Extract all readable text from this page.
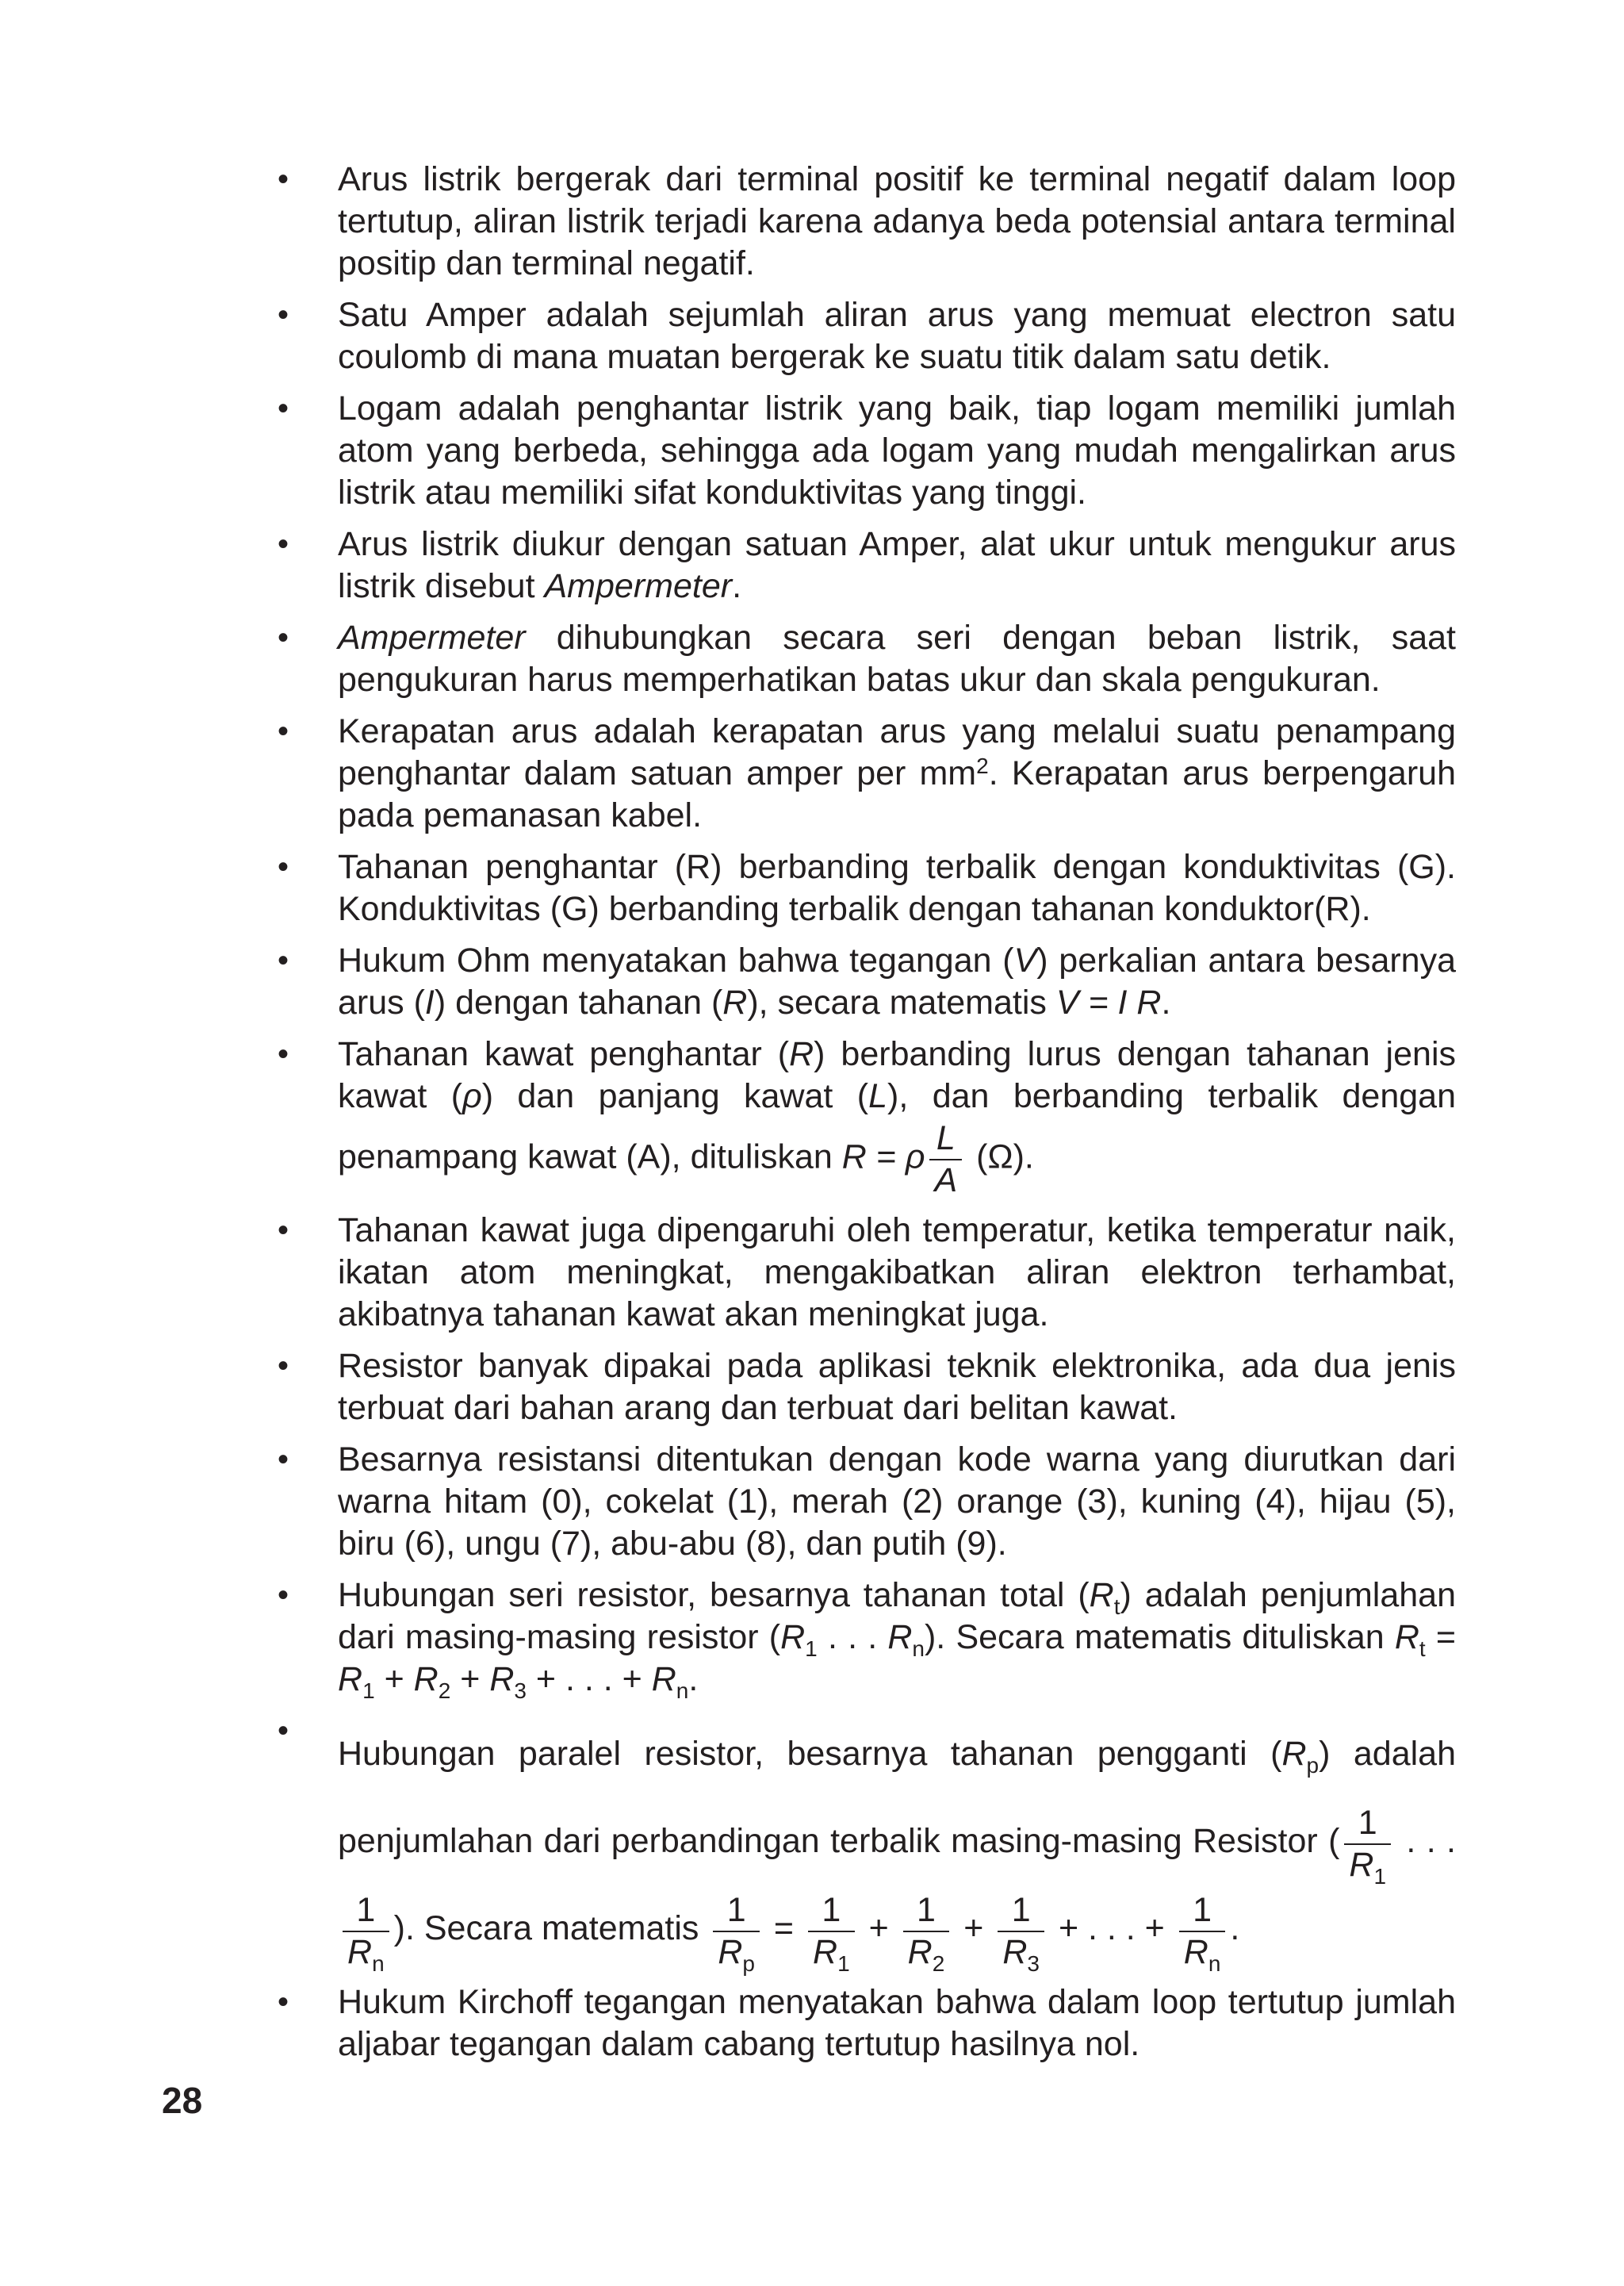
• Arus listrik bergerak dari terminal positif ke terminal negatif dalam loop tertutup, aliran listrik terjadi karena adanya beda potensial antara terminal positip dan terminal negatif.
• Satu Amper adalah sejumlah aliran arus yang memuat electron satu coulomb di mana muatan bergerak ke suatu titik dalam satu detik.
• Logam adalah penghantar listrik yang baik, tiap logam memiliki jumlah atom yang berbeda, sehingga ada logam yang mudah mengalirkan arus listrik atau memiliki sifat konduktivitas yang tinggi.
• Arus listrik diukur dengan satuan Amper, alat ukur untuk mengukur arus listrik disebut Ampermeter.
• Ampermeter dihubungkan secara seri dengan beban listrik, saat pengukuran harus memperhatikan batas ukur dan skala pengukuran.
• Kerapatan arus adalah kerapatan arus yang melalui suatu penampang penghantar dalam satuan amper per $mm^2$. Kerapatan arus berpengaruh pada pemanasan kabel.
• Tahanan penghantar (R) berbanding terbalik dengan konduktivitas (G). Konduktivitas (G) berbanding terbalik dengan tahanan konduktor(R).
• Hukum Ohm menyatakan bahwa tegangan (V) perkalian antara besarnya arus (I) dengan tahanan (R), secara matematis V = I R.
• Tahanan kawat penghantar (R) berbanding lurus dengan tahanan jenis kawat (ρ) dan panjang kawat (L), dan berbanding terbalik dengan penampang kawat (A), dituliskan R = ρ $\frac{L}{A} (\Omega)$.
• Tahanan kawat juga dipengaruhi oleh temperatur, ketika temperatur naik, ikatan atom meningkat, mengakibatkan aliran elektron terhambat, akibatnya tahanan kawat akan meningkat juga.
• Resistor banyak dipakai pada aplikasi teknik elektronika, ada dua jenis terbuat dari bahan arang dan terbuat dari belitan kawat.
• Besarnya resistansi ditentukan dengan kode warna yang diurutkan dari warna hitam (0), cokelat (1), merah (2) orange (3), kuning (4), hijau (5), biru (6), ungu (7), abu-abu (8), dan putih (9).
• Hubungan seri resistor, besarnya tahanan total $(R_t)$ adalah penjumlahan dari masing-masing resistor ($R_1$ . . . $R_n$). Secara matematis dituliskan $R_t = R_1 + R_2 + R_3$ + . . . + $R_n$.
•
Hubungan paralel resistor, besarnya tahanan pengganti $(R_p)$ adalah penjumlahan dari perbandingan terbalik masing-masing Resistor ( $\frac{1}{R_1}$ . . .
$\frac{1}{R_n}$ ). Secara matematis $\frac{1}{R_p} = \frac{1}{R_1} + \frac{1}{R_2} + \frac{1}{R_3}$ + . . . + $\frac{1}{R_n}$ .
• Hukum Kirchoff tegangan menyatakan bahwa dalam loop tertutup jumlah aljabar tegangan dalam cabang tertutup hasilnya nol.
28
